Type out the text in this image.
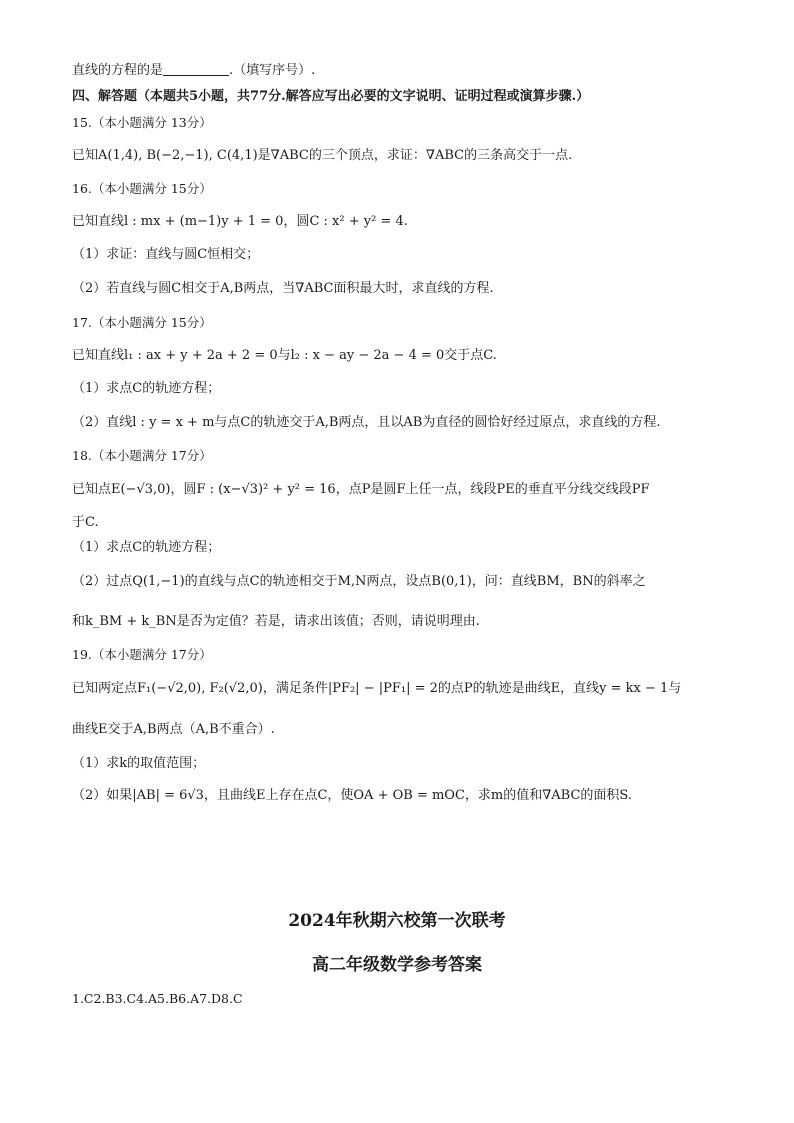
直线的方程的是	.（填写序号）.
四、解答题（本题共5小题，共77分.解答应写出必要的文字说明、证明过程或演算步骤.）
15.（本小题满分 13分）
已知A(1,4), B(−2,−1), C(4,1)是∇ABC的三个顶点，求证：∇ABC的三条高交于一点.
16.（本小题满分 15分）
已知直线l : mx + (m−1)y + 1 = 0，圆C : x² + y² = 4.
（1）求证：直线与圆C恒相交；
（2）若直线与圆C相交于A,B两点，当∇ABC面积最大时，求直线的方程.
17.（本小题满分 15分）
已知直线l₁ : ax + y + 2a + 2 = 0与l₂ : x − ay − 2a − 4 = 0交于点C.
（1）求点C的轨迹方程；
（2）直线l : y = x + m与点C的轨迹交于A,B两点，且以AB为直径的圆恰好经过原点，求直线的方程.
18.（本小题满分 17分）
已知点E(−√3,0)，圆F : (x−√3)² + y² = 16，点P是圆F上任一点，线段PE的垂直平分线交线段PF
于C.
（1）求点C的轨迹方程；
（2）过点Q(1,−1)的直线与点C的轨迹相交于M,N两点，设点B(0,1)，问：直线BM，BN的斜率之
和k_BM + k_BN是否为定值？若是，请求出该值；否则，请说明理由.
19.（本小题满分 17分）
已知两定点F₁(−√2,0), F₂(√2,0)，满足条件|PF₂| − |PF₁| = 2的点P的轨迹是曲线E，直线y = kx − 1与
曲线E交于A,B两点（A,B不重合）.
（1）求k的取值范围；
（2）如果|AB| = 6√3，且曲线E上存在点C，使OA + OB = mOC，求m的值和∇ABC的面积S.
2024年秋期六校第一次联考
高二年级数学参考答案
1.C2.B3.C4.A5.B6.A7.D8.C
